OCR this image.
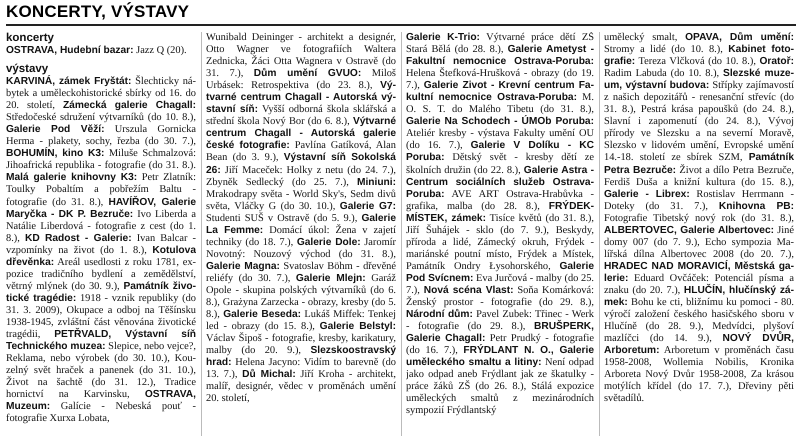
KONCERTY, VÝSTAVY
koncerty

OSTRAVA, Hudební bazar: Jazz Q (20).

výstavy

KARVINÁ, zámek Fryštát: Šlechticky nábytek a uměleckohistorické sbírky od 16. do 20. století, Zámecká galerie Chagall: Středočeské sdružení výtvarníků (do 10. 8.), Galerie Pod Věží: Urszula Gornicka Herma - plakety, sochy, řezba (do 30. 7.), BOHUMÍN, kino K3: Miluše Schmalzová: Jihoafrická republika - fotografie (do 31. 8.). Malá galerie knihovny K3: Petr Zlatník: Toulky Pobaltím a pobřežím Baltu - fotografie (do 31. 8.), HAVÍŘOV, Galerie Maryčka - DK P. Bezruče: Ivo Liberda a Natálie Liberdová - fotografie z cest (do 1. 8.), KD Radost - Galerie: Ivan Balcar - vzpomínky na život (do 1. 8.), Kotulova dřevěnka: Areál usedlosti z roku 1781, expozice tradičního bydlení a zemědělství, větrný mlýnek (do 30. 9.), Památník životické tragédie: 1918 - vznik republiky (do 31. 3. 2009), Okupace a odboj na Těšínsku 1938-1945, zvláštní část věnována životické tragédii, PETŘVALD, Výstavní síň Technického muzea: Slepice, nebo vejce?, Reklama, nebo výrobek (do 30. 10.), Kouzelný svět hraček a panenek (do 31. 10.), Život na šachtě (do 31. 12.), Tradice hornictví na Karvinsku, OSTRAVA, Muzeum: Galície - Nebeská pouť - fotografie Xurxa Lobata,

Wunibald Deininger - architekt a designér, Otto Wagner ve fotografiích Waltera Zednicka, Žáci Otta Wagnera v Ostravě (do 31. 7.), Dům umění GVUO: Miloš Urbásek: Retrospektiva (do 23. 8.), Výtvarné centrum Chagall - Autorská výstavní síň: Vyšší odborná škola sklářská a střední škola Nový Bor (do 6. 8.), Výtvarné centrum Chagall - Autorská galerie české fotografie: Pavlína Gatíková, Alan Bean (do 3. 9.), Výstavní síň Sokolská 26: Jiří Maceček: Holky z netu (do 24. 7.), Zbyněk Sedlecký (do 25. 7.), Miniuni: Mrakodrapy světa - World Sky's, Sedm divů světa, Vláčky G (do 30. 10.), Galerie G7: Studenti SUŠ v Ostravě (do 5. 9.), Galerie La Femme: Domácí úkol: Žena v zajetí techniky (do 18. 7.), Galerie Dole: Jaromír Novotný: Nouzový východ (do 31. 8.), Galerie Magna: Svatoslav Böhm - dřevěné reliéfy (do 30. 7.), Galerie Mlejn: Garáž Opole - skupina polských výtvarníků (do 6. 8.), Grażyna Zarzecka - obrazy, kresby (do 5. 8.), Galerie Beseda: Lukáš Miffek: Tenkej led - obrazy (do 15. 8.), Galerie Belstyl: Václav Šipoš - fotografie, kresby, karikatury, malby (do 20. 9.), Slezskoostravský hrad: Helena Jacyno: Vidím to barevně (do 13. 7.), Dů Michal: Jiří Kroha - architekt, malíř, designér, vědec v proměnách umění 20. století,

Galerie K-Trio: Výtvarné práce dětí ZŠ Stará Bělá (do 28. 8.), Galerie Ametyst - Fakultní nemocnice Ostrava-Poruba: Helena Štefková-Hrušková - obrazy (do 19. 7.), Galerie Zivot - Krevní centrum Fakultní nemocnice Ostrava-Poruba: M. O. S. T. do Malého Tibetu (do 31. 8.), Galerie Na Schodech - ÚMOb Poruba: Ateliér kresby - výstava Fakulty umění OU (do 16. 7.), Galerie V Dolíku - KC Poruba: Dětský svět - kresby dětí ze školních družin (do 22. 8.), Galerie Astra - Centrum sociálních služeb Ostrava-Poruba: AVE ART Ostrava-Hrabůvka - grafika, malba (do 28. 8.), FRÝDEK-MÍSTEK, zámek: Tisíce květů (do 31. 8.), Jiří Šuhájek - sklo (do 7. 9.), Beskydy, příroda a lidé, Zámecký okruh, Frýdek - mariánské poutní místo, Frýdek a Místek, Památník Ondry Łysohorského, Galerie Pod Svícnem: Eva Jurčová - malby (do 25. 7.), Nová scéna Vlast: Soňa Komárková: Ženský prostor - fotografie (do 29. 8.), Národní dům: Pavel Zubek: Třinec - Werk - fotografie (do 29. 8.), BRUŠPERK, Galerie Chagall: Petr Prudký - fotografie (do 16. 7.), FRÝDLANT N. O., Galerie uměleckého smaltu a litiny: Není odpad jako odpad aneb Frýdlant jak ze škatulky - práce žáků ZŠ (do 26. 8.), Stálá expozice uměleckých smaltů z mezinárodních sympozií Frýdlantský

umělecký smalt, OPAVA, Dům umění: Stromy a lidé (do 10. 8.), Kabinet fotografie: Tereza Vlčková (do 10. 8.), Oratoř: Radim Labuda (do 10. 8.), Slezské muzeum, výstavní budova: Střípky zajímavostí z našich depozitářů - renesanční střevíc (do 31. 8.), Pestrá krása papoušků (do 24. 8.), Slavní i zapomenutí (do 24. 8.), Vývoj přírody ve Slezsku a na severní Moravě, Slezsko v lidovém umění, Evropské umění 14.-18. století ze sbírek SZM, Památník Petra Bezruče: Život a dílo Petra Bezruče, Ferdiš Duša a knižní kultura (do 15. 8.), Galerie - Librex: Rostislav Herrmann - Doteky (do 31. 7.), Knihovna PB: Fotografie Tibetský nový rok (do 31. 8.), ALBERTOVEC, Galerie Albertovec: Jiné domy 007 (do 7. 9.), Echo sympozia Malířská dílna Albertovec 2008 (do 20. 7.), HRADEC NAD MORAVICÍ, Městská galerie: Eduard Ovčáček: Potenciál písma a znaku (do 20. 7.), HLUČÍN, hlučínský zámek: Bohu ke cti, bližnímu ku pomoci - 80. výročí založení českého hasičského sboru v Hlučíně (do 28. 9.), Medvídci, plyšoví mazlíčci (do 14. 9.), NOVÝ DVŮR, Arboretum: Arboretum v proměnách času 1958-2008, Wollemia Nobilis, Kronika Arboreta Nový Dvůr 1958-2008, Za krásou motýlích křídel (do 17. 7.), Dřeviny pěti světadílů.
